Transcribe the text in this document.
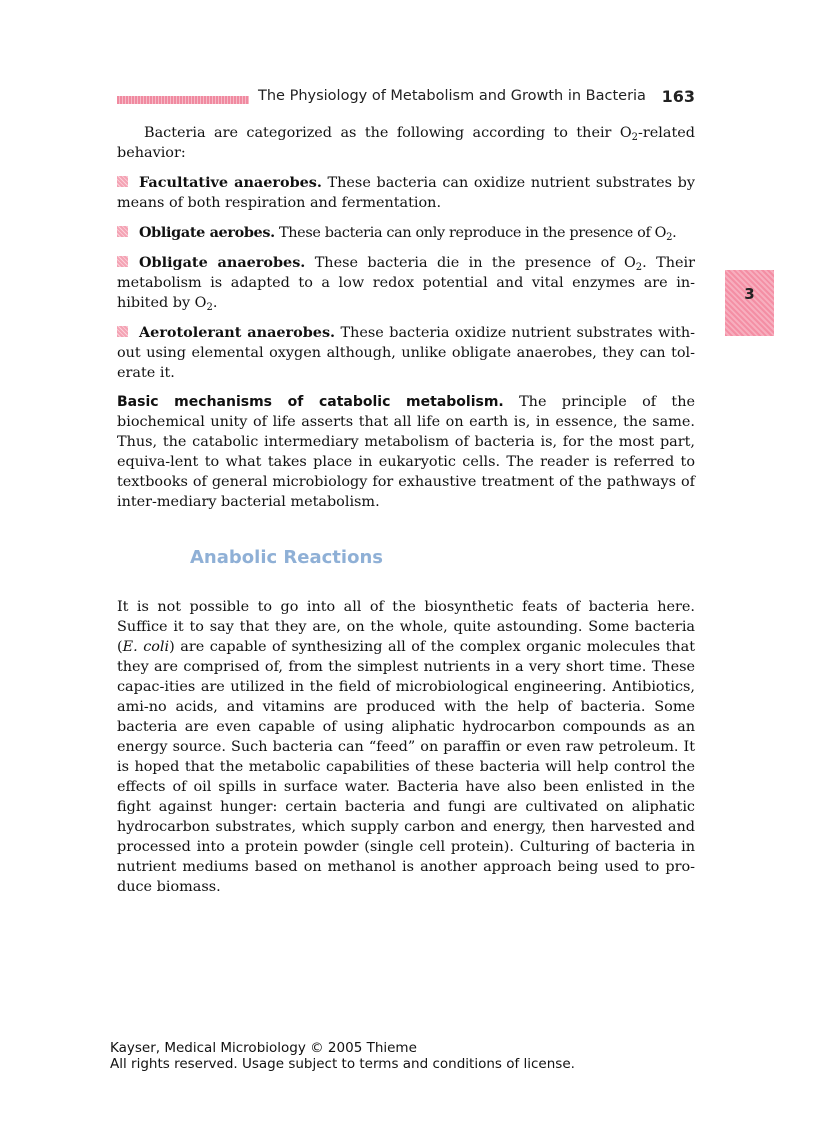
The Physiology of Metabolism and Growth in Bacteria 163
3

Bacteria are categorized as the following according to their $O_2$-related behavior:

Facultative anaerobes. These bacteria can oxidize nutrient substrates by means of both respiration and fermentation.

Obligate aerobes. These bacteria can only reproduce in the presence of $O_2$.

Obligate anaerobes. These bacteria die in the presence of $O_2$. Their metabolism is adapted to a low redox potential and vital enzymes are in-hibited by $O_2$.

Aerotolerant anaerobes. These bacteria oxidize nutrient substrates with-out using elemental oxygen although, unlike obligate anaerobes, they can tol-erate it.

Basic mechanisms of catabolic metabolism. The principle of the biochemical unity of life asserts that all life on earth is, in essence, the same. Thus, the catabolic intermediary metabolism of bacteria is, for the most part, equiva-lent to what takes place in eukaryotic cells. The reader is referred to textbooks of general microbiology for exhaustive treatment of the pathways of inter-mediary bacterial metabolism.

Anabolic Reactions

It is not possible to go into all of the biosynthetic feats of bacteria here. Suffice it to say that they are, on the whole, quite astounding. Some bacteria (E. coli) are capable of synthesizing all of the complex organic molecules that they are comprised of, from the simplest nutrients in a very short time. These capac-ities are utilized in the field of microbiological engineering. Antibiotics, ami-no acids, and vitamins are produced with the help of bacteria. Some bacteria are even capable of using aliphatic hydrocarbon compounds as an energy source. Such bacteria can “feed” on paraffin or even raw petroleum. It is hoped that the metabolic capabilities of these bacteria will help control the effects of oil spills in surface water. Bacteria have also been enlisted in the fight against hunger: certain bacteria and fungi are cultivated on aliphatic hydrocarbon substrates, which supply carbon and energy, then harvested and processed into a protein powder (single cell protein). Culturing of bacteria in nutrient mediums based on methanol is another approach being used to pro-duce biomass.

Kayser, Medical Microbiology © 2005 Thieme
All rights reserved. Usage subject to terms and conditions of license.
